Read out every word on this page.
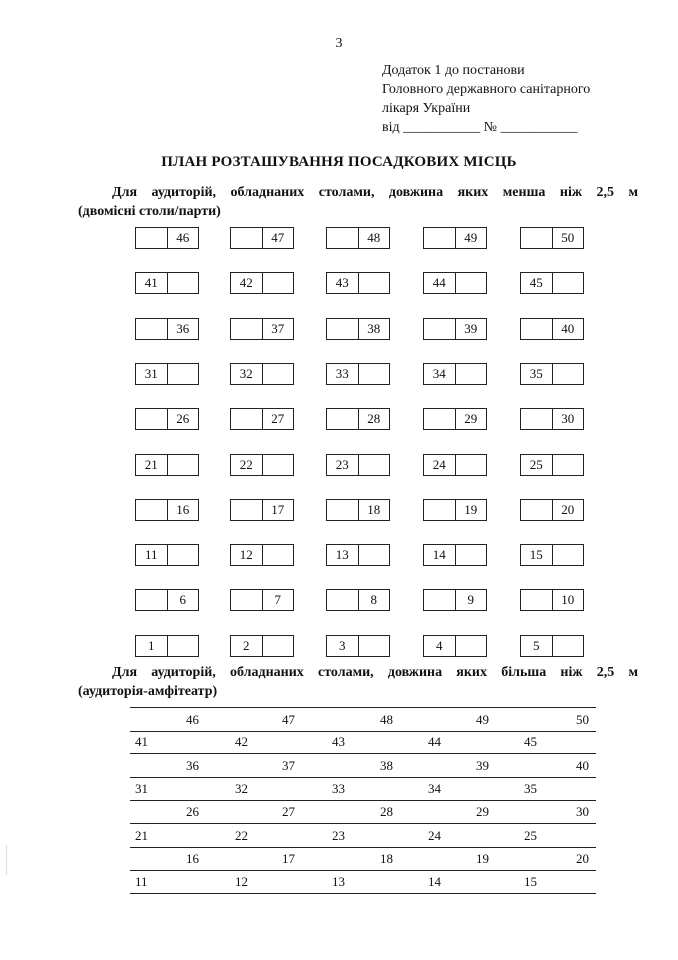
3
Додаток 1 до постанови
Головного державного санітарного
лікаря України
від ___________ № ___________
ПЛАН РОЗТАШУВАННЯ ПОСАДКОВИХ МІСЦЬ
Для аудиторій, обладнаних столами, довжина яких менша ніж 2,5 м
(двомісні столи/парти)
46	47	48	49	50
41	42	43	44	45
36	37	38	39	40
31	32	33	34	35
26	27	28	29	30
21	22	23	24	25
16	17	18	19	20
11	12	13	14	15
6	7	8	9	10
1	2	3	4	5
Для аудиторій, обладнаних столами, довжина яких більша ніж 2,5 м
(аудиторія-амфітеатр)
46	47	48	49	50
41	42	43	44	45
36	37	38	39	40
31	32	33	34	35
26	27	28	29	30
21	22	23	24	25
16	17	18	19	20
11	12	13	14	15
